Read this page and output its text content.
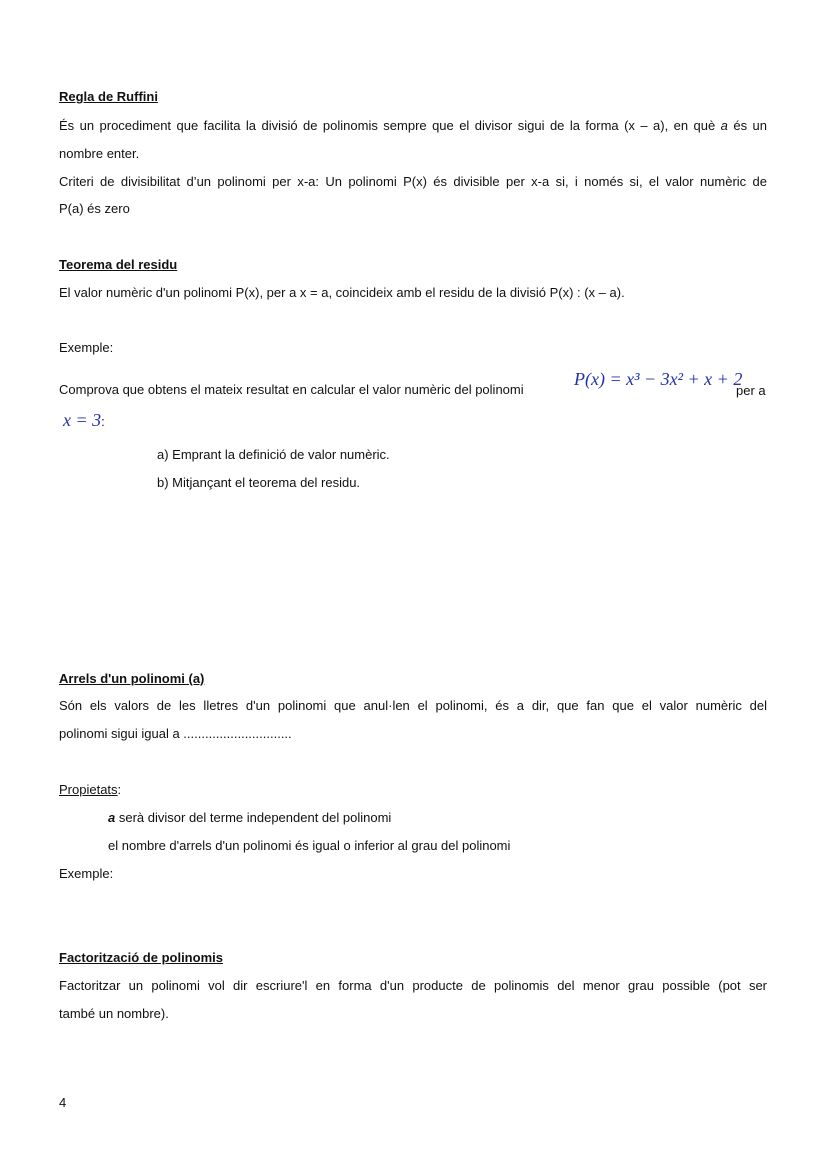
Regla de Ruffini
És un procediment que facilita la divisió de polinomis sempre que el divisor sigui de la forma (x – a), en què a és un
nombre enter.
Criteri de divisibilitat d’un polinomi per x-a: Un polinomi P(x) és divisible per x-a si, i només si, el valor numèric de
P(a) és zero
Teorema del residu
El valor numèric d'un polinomi P(x), per a x = a, coincideix amb el residu de la divisió P(x) : (x – a).
Exemple:
Comprova que obtens el mateix resultat en calcular el valor numèric del polinomi
P(x) = x³ − 3x² + x + 2
per a
x = 3:
a) Emprant la definició de valor numèric.
b) Mitjançant el teorema del residu.
Arrels d'un polinomi (a)
Són els valors de les lletres d'un polinomi que anul·len el polinomi, és a dir, que fan que el valor numèric del
polinomi sigui igual a ..............................
Propietats:
a serà divisor del terme independent del polinomi
el nombre d'arrels d'un polinomi és igual o inferior al grau del polinomi
Exemple:
Factorització de polinomis
Factoritzar un polinomi vol dir escriure'l en forma d'un producte de polinomis del menor grau possible (pot ser
també un nombre).
4
